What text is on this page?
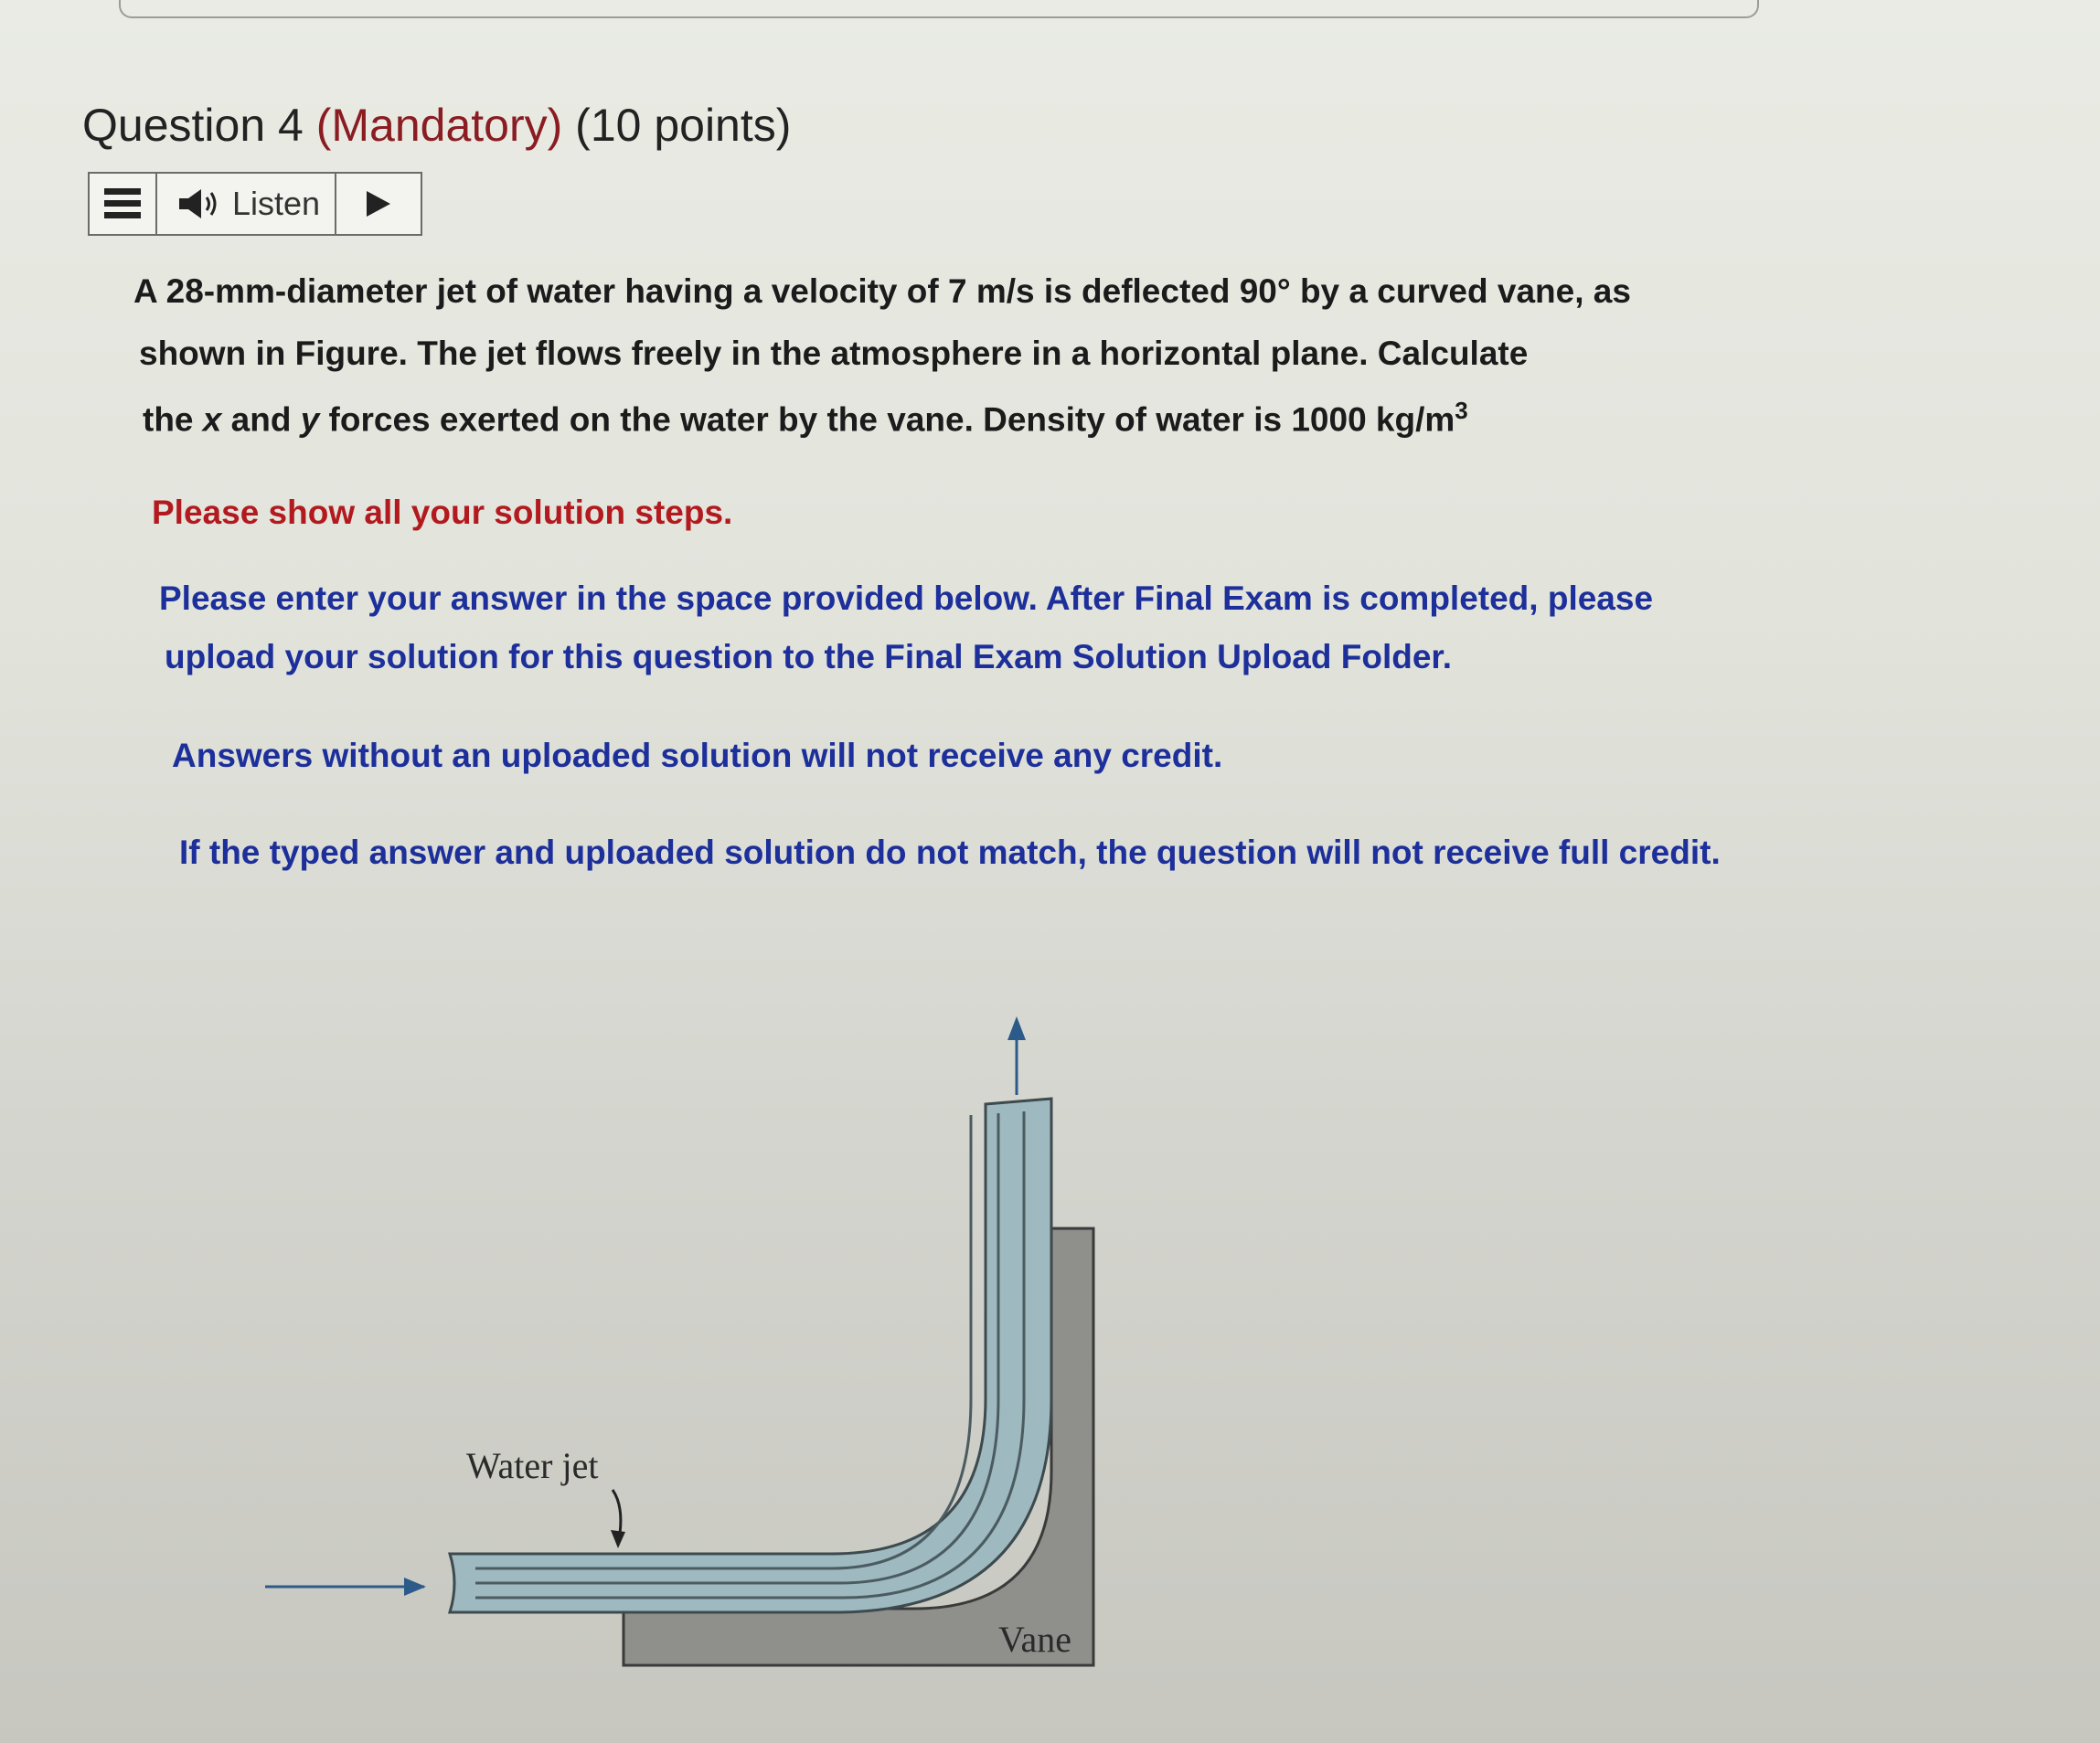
Question 4 (Mandatory) (10 points)
Listen
A 28-mm-diameter jet of water having a velocity of 7 m/s is deflected 90° by a curved vane, as
shown in Figure. The jet flows freely in the atmosphere in a horizontal plane. Calculate
the x and y forces exerted on the water by the vane. Density of water is 1000 $kg/m^3$
Please show all your solution steps.
Please enter your answer in the space provided below. After Final Exam is completed, please
upload your solution for this question to the Final Exam Solution Upload Folder.
Answers without an uploaded solution will not receive any credit.
If the typed answer and uploaded solution do not match, the question will not receive full credit.
Water jet
Vane
